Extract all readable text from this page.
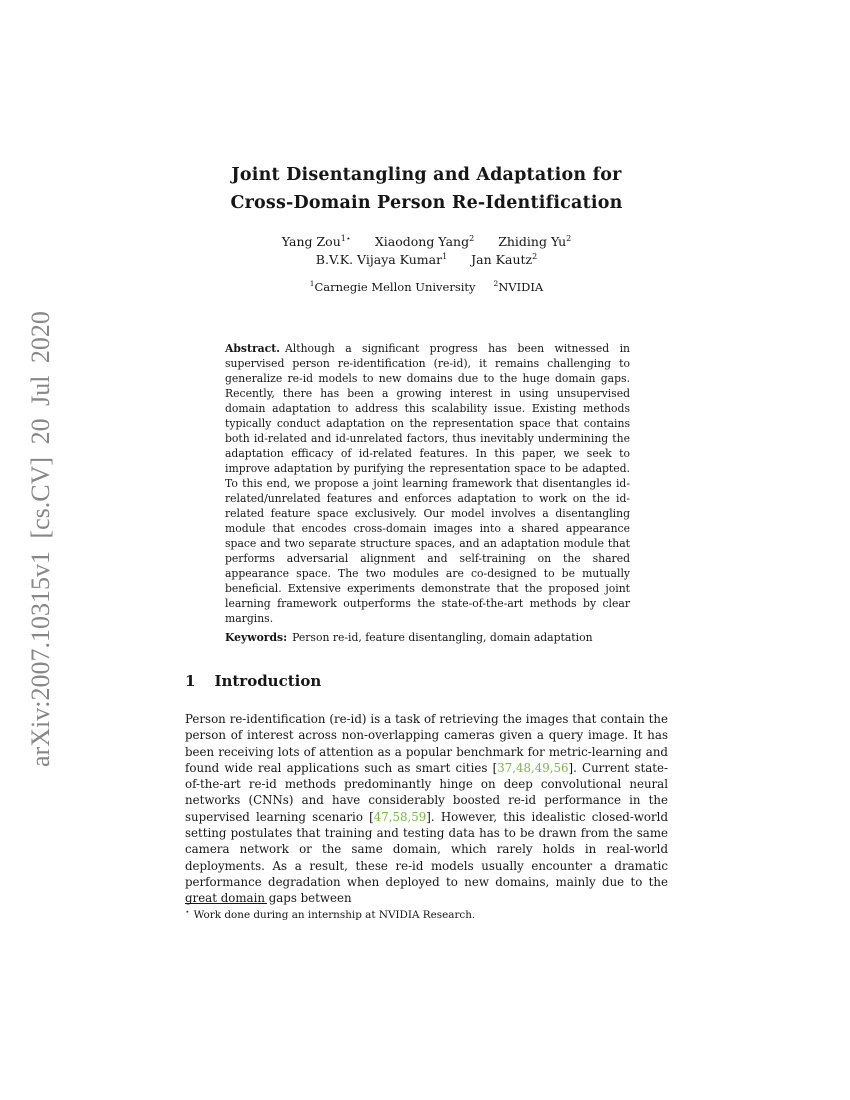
arXiv:2007.10315v1 [cs.CV] 20 Jul 2020
Joint Disentangling and Adaptation for
Cross-Domain Person Re-Identification
Yang Zou$^{1⋆}$ Xiaodong Yang$^2$ Zhiding Yu$^2$
B.V.K. Vijaya Kumar$^1$ Jan Kautz$^2$
$^1$Carnegie Mellon University $^2$NVIDIA
Abstract. Although a significant progress has been witnessed in supervised person re-identification (re-id), it remains challenging to generalize re-id models to new domains due to the huge domain gaps. Recently, there has been a growing interest in using unsupervised domain adaptation to address this scalability issue. Existing methods typically conduct adaptation on the representation space that contains both id-related and id-unrelated factors, thus inevitably undermining the adaptation efficacy of id-related features. In this paper, we seek to improve adaptation by purifying the representation space to be adapted. To this end, we propose a joint learning framework that disentangles id-related/unrelated features and enforces adaptation to work on the id-related feature space exclusively. Our model involves a disentangling module that encodes cross-domain images into a shared appearance space and two separate structure spaces, and an adaptation module that performs adversarial alignment and self-training on the shared appearance space. The two modules are co-designed to be mutually beneficial. Extensive experiments demonstrate that the proposed joint learning framework outperforms the state-of-the-art methods by clear margins.
Keywords: Person re-id, feature disentangling, domain adaptation
1 Introduction

Person re-identification (re-id) is a task of retrieving the images that contain the person of interest across non-overlapping cameras given a query image. It has been receiving lots of attention as a popular benchmark for metric-learning and found wide real applications such as smart cities [37,48,49,56]. Current state-of-the-art re-id methods predominantly hinge on deep convolutional neural networks (CNNs) and have considerably boosted re-id performance in the supervised learning scenario [47,58,59]. However, this idealistic closed-world setting postulates that training and testing data has to be drawn from the same camera network or the same domain, which rarely holds in real-world deployments. As a result, these re-id models usually encounter a dramatic performance degradation when deployed to new domains, mainly due to the great domain gaps between

⋆ Work done during an internship at NVIDIA Research.
